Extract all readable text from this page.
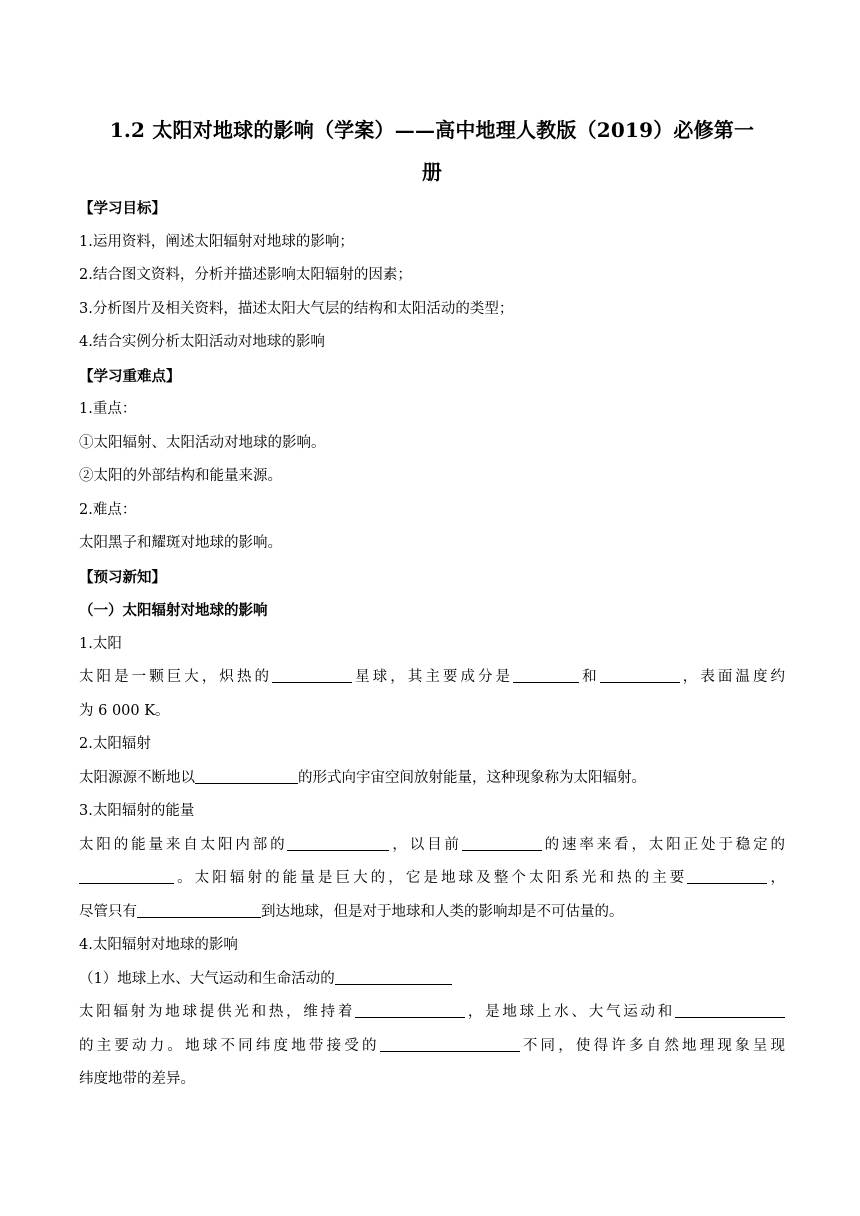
1.2 太阳对地球的影响（学案）——高中地理人教版（2019）必修第一
册
【学习目标】
1.运用资料，阐述太阳辐射对地球的影响；
2.结合图文资料，分析并描述影响太阳辐射的因素；
3.分析图片及相关资料，描述太阳大气层的结构和太阳活动的类型；
4.结合实例分析太阳活动对地球的影响
【学习重难点】
1.重点：
①太阳辐射、太阳活动对地球的影响。
②太阳的外部结构和能量来源。
2.难点：
太阳黑子和耀斑对地球的影响。
【预习新知】
（一）太阳辐射对地球的影响
1.太阳
太阳是一颗巨大，炽热的	星球，其主要成分是	和	，表面温度约
为 6 000 K。
2.太阳辐射
太阳源源不断地以	的形式向宇宙空间放射能量，这种现象称为太阳辐射。
3.太阳辐射的能量
太阳的能量来自太阳内部的	，以目前	的速率来看，太阳正处于稳定的
。太阳辐射的能量是巨大的，它是地球及整个太阳系光和热的主要	，
尽管只有	到达地球，但是对于地球和人类的影响却是不可估量的。
4.太阳辐射对地球的影响
（1）地球上水、大气运动和生命活动的
太阳辐射为地球提供光和热，维持着	，是地球上水、大气运动和
的主要动力。地球不同纬度地带接受的	不同，使得许多自然地理现象呈现
纬度地带的差异。
